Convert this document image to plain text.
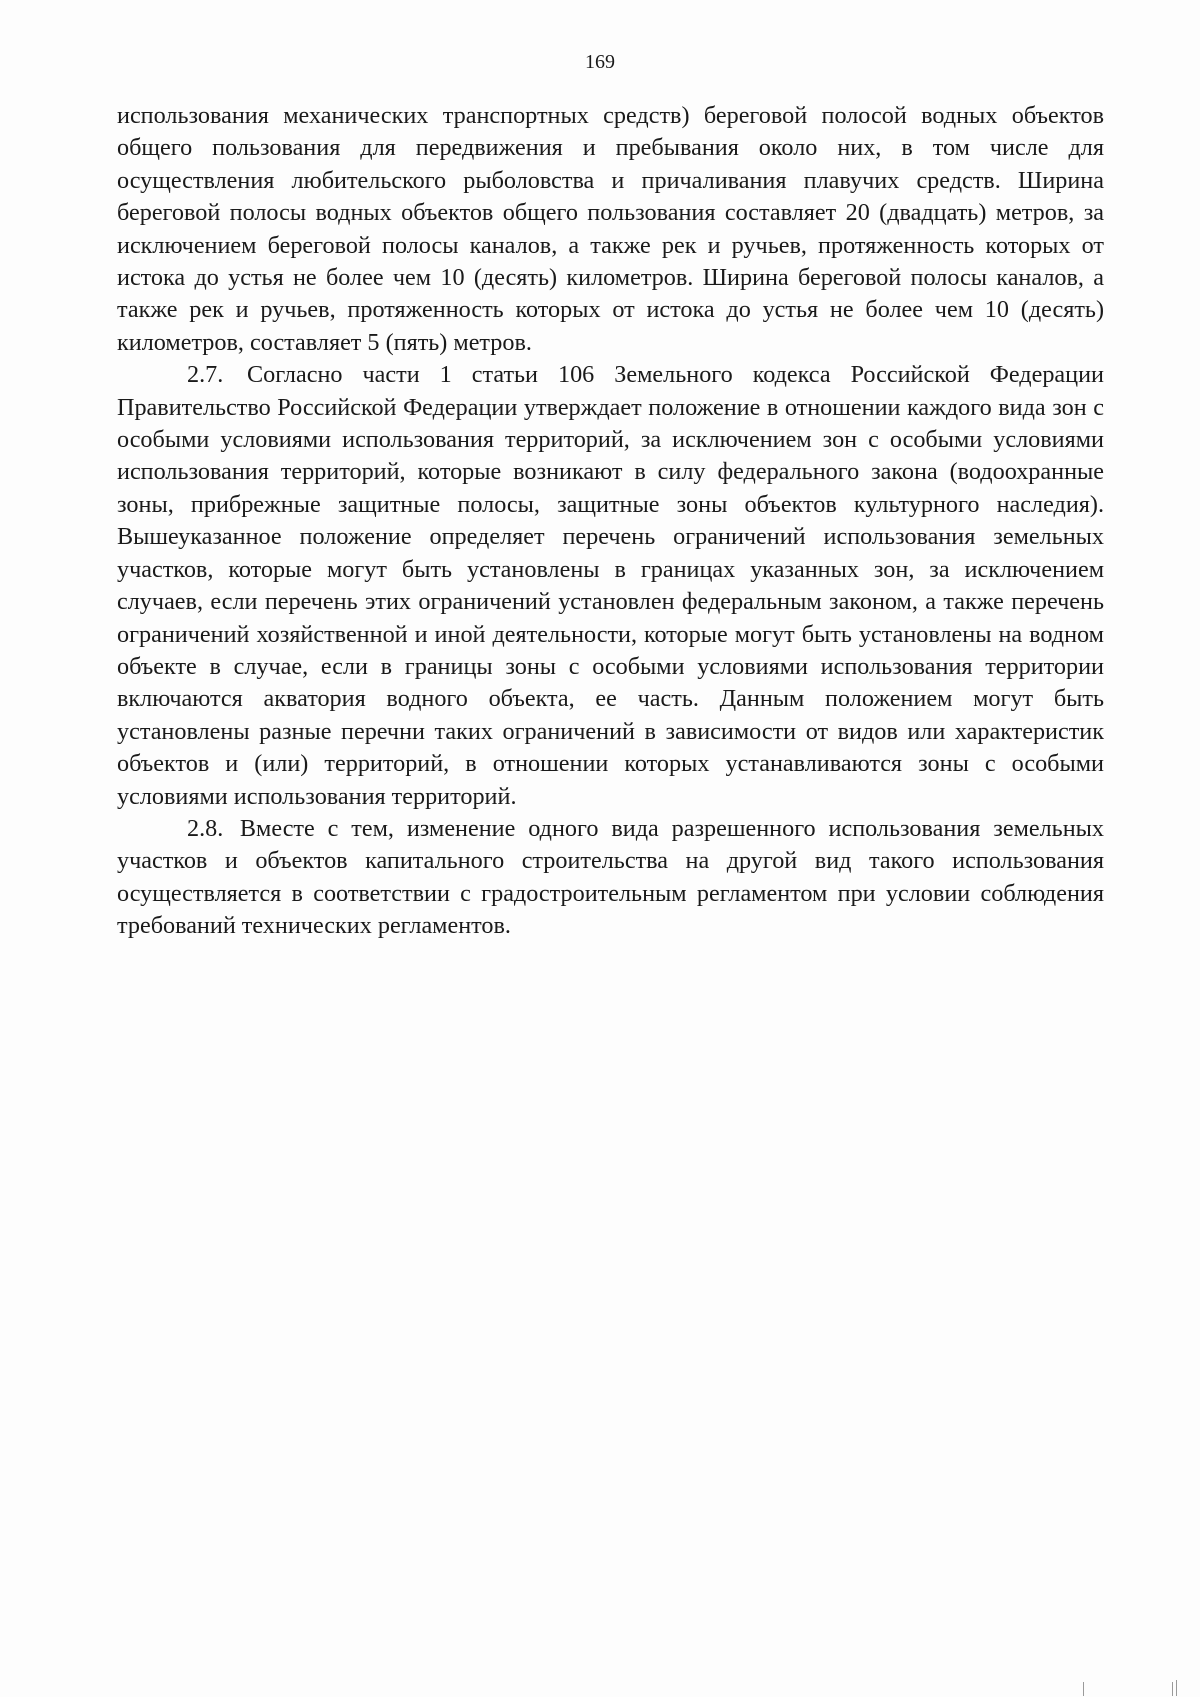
169

использования механических транспортных средств) береговой полосой водных объектов общего пользования для передвижения и пребывания около них, в том числе для осуществления любительского рыболовства и причаливания плавучих средств. Ширина береговой полосы водных объектов общего пользования составляет 20 (двадцать) метров, за исключением береговой полосы каналов, а также рек и ручьев, протяженность которых от истока до устья не более чем 10 (десять) километров. Ширина береговой полосы каналов, а также рек и ручьев, протяженность которых от истока до устья не более чем 10 (десять) километров, составляет 5 (пять) метров.

2.7. Согласно части 1 статьи 106 Земельного кодекса Российской Федерации Правительство Российской Федерации утверждает положение в отношении каждого вида зон с особыми условиями использования территорий, за исключением зон с особыми условиями использования территорий, которые возникают в силу федерального закона (водоохранные зоны, прибрежные защитные полосы, защитные зоны объектов культурного наследия). Вышеуказанное положение определяет перечень ограничений использования земельных участков, которые могут быть установлены в границах указанных зон, за исключением случаев, если перечень этих ограничений установлен федеральным законом, а также перечень ограничений хозяйственной и иной деятельности, которые могут быть установлены на водном объекте в случае, если в границы зоны с особыми условиями использования территории включаются акватория водного объекта, ее часть. Данным положением могут быть установлены разные перечни таких ограничений в зависимости от видов или характеристик объектов и (или) территорий, в отношении которых устанавливаются зоны с особыми условиями использования территорий.

2.8. Вместе с тем, изменение одного вида разрешенного использования земельных участков и объектов капитального строительства на другой вид такого использования осуществляется в соответствии с градостроительным регламентом при условии соблюдения требований технических регламентов.
